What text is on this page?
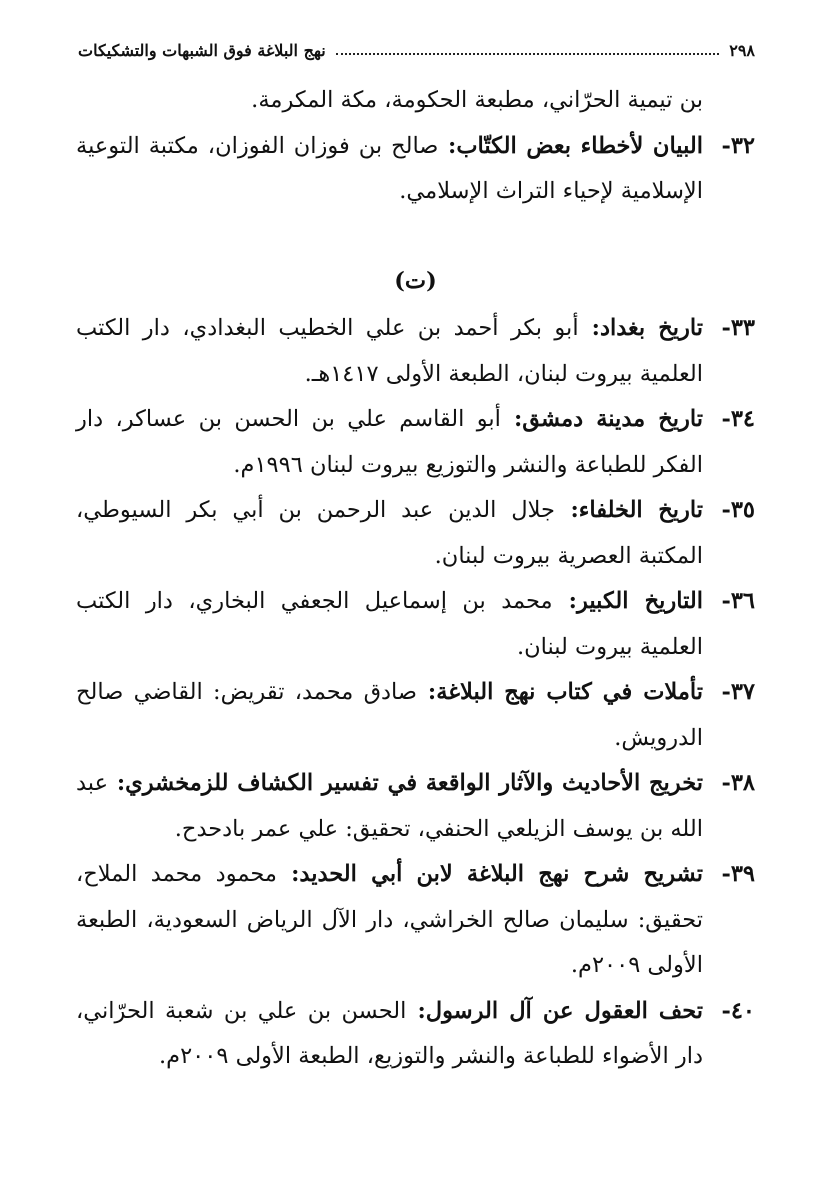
٢٩٨
نهج البلاغة فوق الشبهات والتشكيكات
بن تيمية الحرّاني، مطبعة الحكومة، مكة المكرمة.
٣٢-
البيان لأخطاء بعض الكتّاب: صالح بن فوزان الفوزان، مكتبة التوعية الإسلامية لإحياء التراث الإسلامي.
(ت)
٣٣-
تاريخ بغداد: أبو بكر أحمد بن علي الخطيب البغدادي، دار الكتب العلمية بيروت لبنان، الطبعة الأولى ١٤١٧هـ.
٣٤-
تاريخ مدينة دمشق: أبو القاسم علي بن الحسن بن عساكر، دار الفكر للطباعة والنشر والتوزيع بيروت لبنان ١٩٩٦م.
٣٥-
تاريخ الخلفاء: جلال الدين عبد الرحمن بن أبي بكر السيوطي، المكتبة العصرية بيروت لبنان.
٣٦-
التاريخ الكبير: محمد بن إسماعيل الجعفي البخاري، دار الكتب العلمية بيروت لبنان.
٣٧-
تأملات في كتاب نهج البلاغة: صادق محمد، تقريض: القاضي صالح الدرويش.
٣٨-
تخريج الأحاديث والآثار الواقعة في تفسير الكشاف للزمخشري: عبد الله بن يوسف الزيلعي الحنفي، تحقيق: علي عمر بادحدح.
٣٩-
تشريح شرح نهج البلاغة لابن أبي الحديد: محمود محمد الملاح، تحقيق: سليمان صالح الخراشي، دار الآل الرياض السعودية، الطبعة الأولى ٢٠٠٩م.
٤٠-
تحف العقول عن آل الرسول: الحسن بن علي بن شعبة الحرّاني، دار الأضواء للطباعة والنشر والتوزيع، الطبعة الأولى ٢٠٠٩م.
